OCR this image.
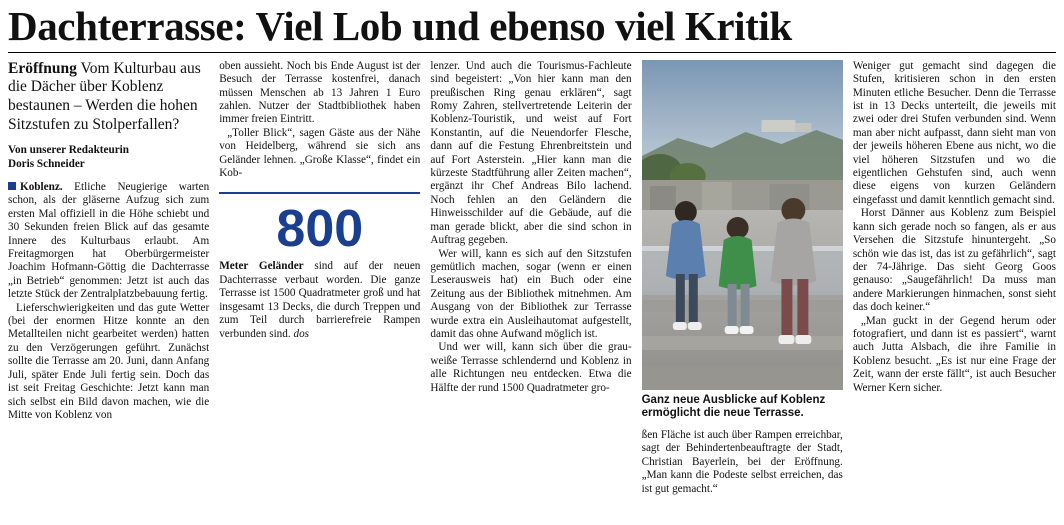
Dachterrasse: Viel Lob und ebenso viel Kritik
Eröffnung Vom Kulturbau aus die Dächer über Koblenz bestaunen – Werden die hohen Sitzstufen zu Stolperfallen?
Von unserer Redakteurin
Doris Schneider

Koblenz. Etliche Neugierige warten schon, als der gläserne Aufzug sich zum ersten Mal offiziell in die Höhe schiebt und 30 Sekunden freien Blick auf das gesamte Innere des Kulturbaus erlaubt. Am Freitagmorgen hat Oberbürgermeister Joachim Hofmann-Göttig die Dachterrasse „in Betrieb“ genommen: Jetzt ist auch das letzte Stück der Zentralplatzbebauung fertig.

Lieferschwierigkeiten und das gute Wetter (bei der enormen Hitze konnte an den Metallteilen nicht gearbeitet werden) hatten zu den Verzögerungen geführt. Zunächst sollte die Terrasse am 20. Juni, dann Anfang Juli, später Ende Juli fertig sein. Doch das ist seit Freitag Geschichte: Jetzt kann man sich selbst ein Bild davon machen, wie die Mitte von Koblenz von

oben aussieht. Noch bis Ende August ist der Besuch der Terrasse kostenfrei, danach müssen Menschen ab 13 Jahren 1 Euro zahlen. Nutzer der Stadtbibliothek haben immer freien Eintritt.

„Toller Blick“, sagen Gäste aus der Nähe von Heidelberg, während sie sich ans Geländer lehnen. „Große Klasse“, findet ein Kob-

800
Meter Geländer sind auf der neuen Dachterrasse verbaut worden. Die ganze Terrasse ist 1500 Quadratmeter groß und hat insgesamt 13 Decks, die durch Treppen und zum Teil durch barrierefreie Rampen verbunden sind. dos

lenzer. Und auch die Tourismus-Fachleute sind begeistert: „Von hier kann man den preußischen Ring genau erklären“, sagt Romy Zahren, stellvertretende Leiterin der Koblenz-Touristik, und weist auf Fort Konstantin, auf die Neuendorfer Flesche, dann auf die Festung Ehrenbreitstein und auf Fort Asterstein. „Hier kann man die kürzeste Stadtführung aller Zeiten machen“, ergänzt ihr Chef Andreas Bilo lachend. Noch fehlen an den Geländern die Hinweisschilder auf die Gebäude, auf die man gerade blickt, aber die sind schon in Auftrag gegeben.

Wer will, kann es sich auf den Sitzstufen gemütlich machen, sogar (wenn er einen Leserausweis hat) ein Buch oder eine Zeitung aus der Bibliothek mitnehmen. Am Ausgang von der Bibliothek zur Terrasse wurde extra ein Ausleihautomat aufgestellt, damit das ohne Aufwand möglich ist.

Und wer will, kann sich über die grau-weiße Terrasse schlendernd und Koblenz in alle Richtungen neu entdecken. Etwa die Hälfte der rund 1500 Quadratmeter gro-

Ganz neue Ausblicke auf Koblenz ermöglicht die neue Terrasse.

ßen Fläche ist auch über Rampen erreichbar, sagt der Behindertenbeauftragte der Stadt, Christian Bayerlein, bei der Eröffnung. „Man kann die Podeste selbst erreichen, das ist gut gemacht.“

Weniger gut gemacht sind dagegen die Stufen, kritisieren schon in den ersten Minuten etliche Besucher. Denn die Terrasse ist in 13 Decks unterteilt, die jeweils mit zwei oder drei Stufen verbunden sind. Wenn man aber nicht aufpasst, dann sieht man von der jeweils höheren Ebene aus nicht, wo die viel höheren Sitzstufen und wo die eigentlichen Gehstufen sind, auch wenn diese eigens von kurzen Geländern eingefasst und damit kenntlich gemacht sind.

Horst Dänner aus Koblenz zum Beispiel kann sich gerade noch so fangen, als er aus Versehen die Sitzstufe hinuntergeht. „So schön wie das ist, das ist zu gefährlich“, sagt der 74-Jährige. Das sieht Georg Goos genauso: „Saugefährlich! Da muss man andere Markierungen hinmachen, sonst sieht das doch keiner.“

„Man guckt in der Gegend herum oder fotografiert, und dann ist es passiert“, warnt auch Jutta Alsbach, die ihre Familie in Koblenz besucht. „Es ist nur eine Frage der Zeit, wann der erste fällt“, ist auch Besucher Werner Kern sicher.
